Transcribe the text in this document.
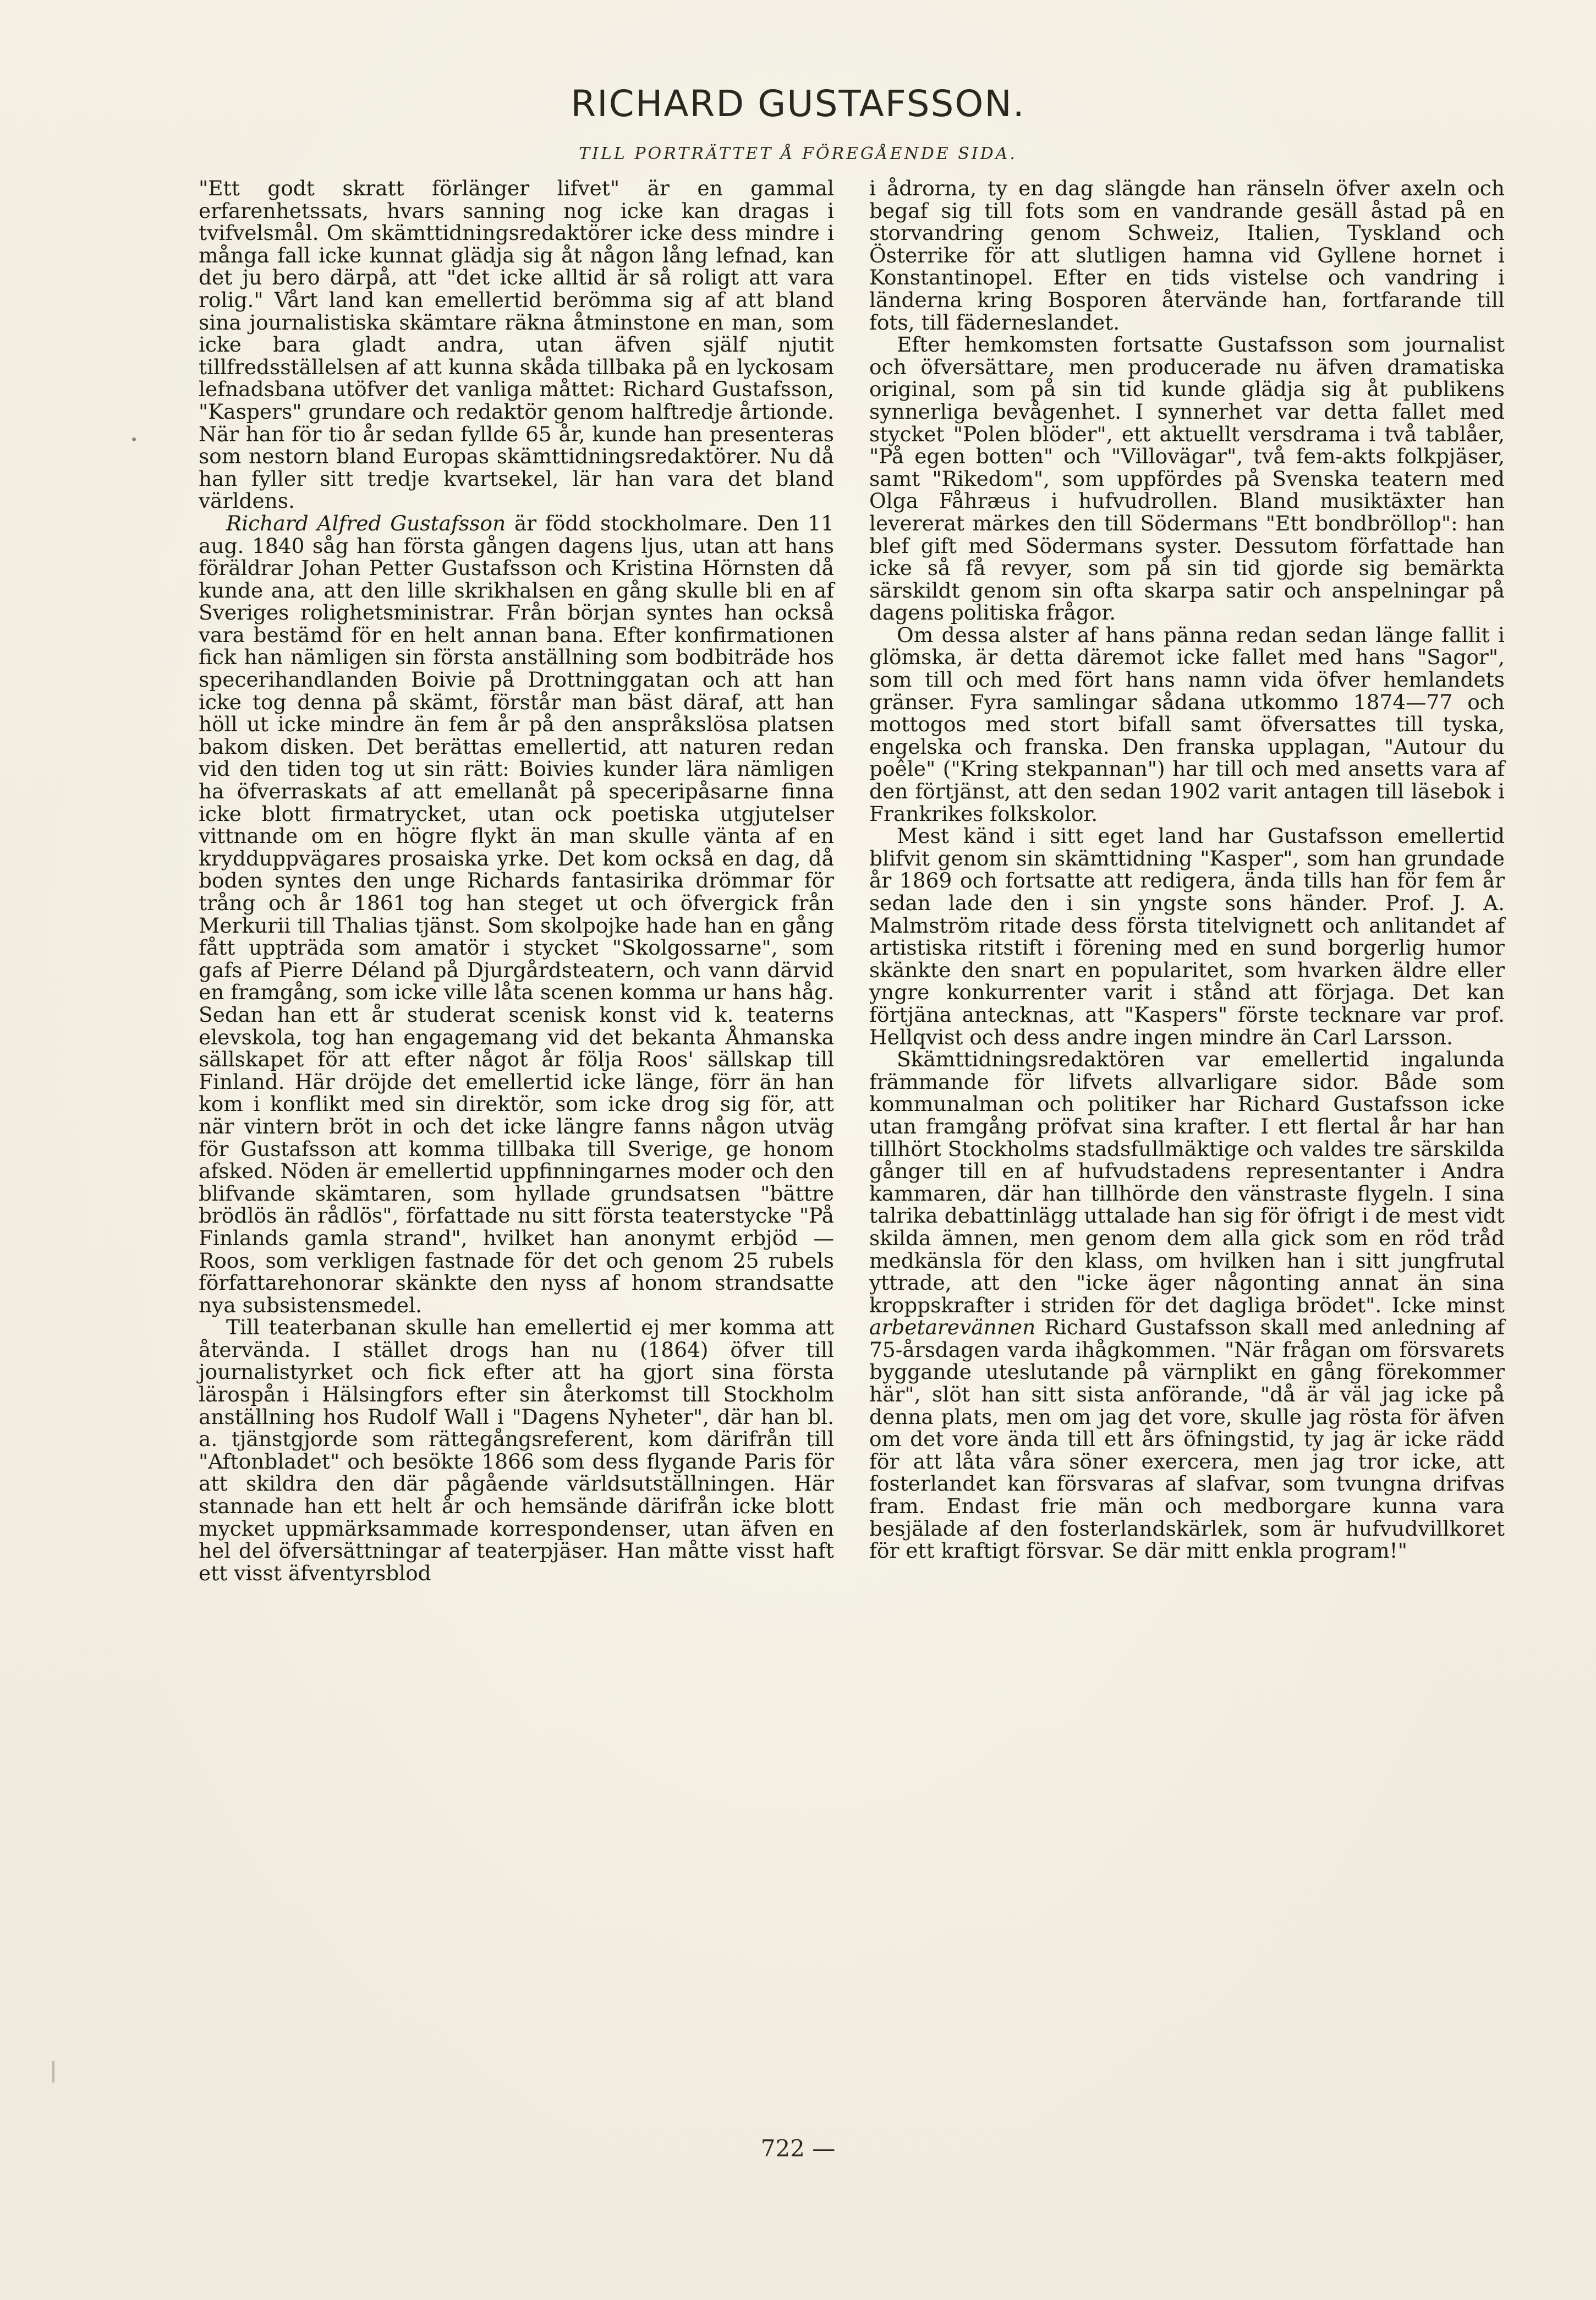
RICHARD GUSTAFSSON.
TILL PORTRÄTTET Å FÖREGÅENDE SIDA.

"Ett godt skratt förlänger lifvet" är en gammal erfarenhetssats, hvars sanning nog icke kan dragas i tvifvelsmål. Om skämttidningsredaktörer icke dess mindre i många fall icke kunnat glädja sig åt någon lång lefnad, kan det ju bero därpå, att "det icke alltid är så roligt att vara rolig." Vårt land kan emellertid berömma sig af att bland sina journalistiska skämtare räkna åtminstone en man, som icke bara gladt andra, utan äfven själf njutit tillfredsställelsen af att kunna skåda tillbaka på en lyckosam lefnadsbana utöfver det vanliga måttet: Richard Gustafsson, "Kaspers" grundare och redaktör genom halftredje årtionde. När han för tio år sedan fyllde 65 år, kunde han presenteras som nestorn bland Europas skämttidningsredaktörer. Nu då han fyller sitt tredje kvartsekel, lär han vara det bland världens.

Richard Alfred Gustafsson är född stockholmare. Den 11 aug. 1840 såg han första gången dagens ljus, utan att hans föräldrar Johan Petter Gustafsson och Kristina Hörnsten då kunde ana, att den lille skrikhalsen en gång skulle bli en af Sveriges rolighetsministrar. Från början syntes han också vara bestämd för en helt annan bana. Efter konfirmationen fick han nämligen sin första anställning som bodbiträde hos specerihandlanden Boivie på Drottninggatan och att han icke tog denna på skämt, förstår man bäst däraf, att han höll ut icke mindre än fem år på den anspråkslösa platsen bakom disken. Det berättas emellertid, att naturen redan vid den tiden tog ut sin rätt: Boivies kunder lära nämligen ha öfverraskats af att emellanåt på speceripåsarne finna icke blott firmatrycket, utan ock poetiska utgjutelser vittnande om en högre flykt än man skulle vänta af en krydduppvägares prosaiska yrke. Det kom också en dag, då boden syntes den unge Richards fantasirika drömmar för trång och år 1861 tog han steget ut och öfvergick från Merkurii till Thalias tjänst. Som skolpojke hade han en gång fått uppträda som amatör i stycket "Skolgossarne", som gafs af Pierre Déland på Djurgårdsteatern, och vann därvid en framgång, som icke ville låta scenen komma ur hans håg. Sedan han ett år studerat scenisk konst vid k. teaterns elevskola, tog han engagemang vid det bekanta Åhmanska sällskapet för att efter något år följa Roos' sällskap till Finland. Här dröjde det emellertid icke länge, förr än han kom i konflikt med sin direktör, som icke drog sig för, att när vintern bröt in och det icke längre fanns någon utväg för Gustafsson att komma tillbaka till Sverige, ge honom afsked. Nöden är emellertid uppfinningarnes moder och den blifvande skämtaren, som hyllade grundsatsen "bättre brödlös än rådlös", författade nu sitt första teaterstycke "På Finlands gamla strand", hvilket han anonymt erbjöd — Roos, som verkligen fastnade för det och genom 25 rubels författarehonorar skänkte den nyss af honom strandsatte nya subsistensmedel.

Till teaterbanan skulle han emellertid ej mer komma att återvända. I stället drogs han nu (1864) öfver till journalistyrket och fick efter att ha gjort sina första lärospån i Hälsingfors efter sin återkomst till Stockholm anställning hos Rudolf Wall i "Dagens Nyheter", där han bl. a. tjänstgjorde som rättegångsreferent, kom därifrån till "Aftonbladet" och besökte 1866 som dess flygande Paris för att skildra den där pågående världsutställningen. Här stannade han ett helt år och hemsände därifrån icke blott mycket uppmärksammade korrespondenser, utan äfven en hel del öfversättningar af teaterpjäser. Han måtte visst haft ett visst äfventyrsblod

i ådrorna, ty en dag slängde han ränseln öfver axeln och begaf sig till fots som en vandrande gesäll åstad på en storvandring genom Schweiz, Italien, Tyskland och Österrike för att slutligen hamna vid Gyllene hornet i Konstantinopel. Efter en tids vistelse och vandring i länderna kring Bosporen återvände han, fortfarande till fots, till fäderneslandet.

Efter hemkomsten fortsatte Gustafsson som journalist och öfversättare, men producerade nu äfven dramatiska original, som på sin tid kunde glädja sig åt publikens synnerliga bevågenhet. I synnerhet var detta fallet med stycket "Polen blöder", ett aktuellt versdrama i två tablåer, "På egen botten" och "Villovägar", två fem-akts folkpjäser, samt "Rikedom", som uppfördes på Svenska teatern med Olga Fåhræus i hufvudrollen. Bland musiktäxter han levererat märkes den till Södermans "Ett bondbröllop": han blef gift med Södermans syster. Dessutom författade han icke så få revyer, som på sin tid gjorde sig bemärkta särskildt genom sin ofta skarpa satir och anspelningar på dagens politiska frågor.

Om dessa alster af hans pänna redan sedan länge fallit i glömska, är detta däremot icke fallet med hans "Sagor", som till och med fört hans namn vida öfver hemlandets gränser. Fyra samlingar sådana utkommo 1874—77 och mottogos med stort bifall samt öfversattes till tyska, engelska och franska. Den franska upplagan, "Autour du poêle" ("Kring stekpannan") har till och med ansetts vara af den förtjänst, att den sedan 1902 varit antagen till läsebok i Frankrikes folkskolor.

Mest känd i sitt eget land har Gustafsson emellertid blifvit genom sin skämttidning "Kasper", som han grundade år 1869 och fortsatte att redigera, ända tills han för fem år sedan lade den i sin yngste sons händer. Prof. J. A. Malmström ritade dess första titelvignett och anlitandet af artistiska ritstift i förening med en sund borgerlig humor skänkte den snart en popularitet, som hvarken äldre eller yngre konkurrenter varit i stånd att förjaga. Det kan förtjäna antecknas, att "Kaspers" förste tecknare var prof. Hellqvist och dess andre ingen mindre än Carl Larsson.

Skämttidningsredaktören var emellertid ingalunda främmande för lifvets allvarligare sidor. Både som kommunalman och politiker har Richard Gustafsson icke utan framgång pröfvat sina krafter. I ett flertal år har han tillhört Stockholms stadsfullmäktige och valdes tre särskilda gånger till en af hufvudstadens representanter i Andra kammaren, där han tillhörde den vänstraste flygeln. I sina talrika debattinlägg uttalade han sig för öfrigt i de mest vidt skilda ämnen, men genom dem alla gick som en röd tråd medkänsla för den klass, om hvilken han i sitt jungfrutal yttrade, att den "icke äger någonting annat än sina kroppskrafter i striden för det dagliga brödet". Icke minst arbetarevännen Richard Gustafsson skall med anledning af 75-årsdagen varda ihågkommen. "När frågan om försvarets byggande uteslutande på värnplikt en gång förekommer här", slöt han sitt sista anförande, "då är väl jag icke på denna plats, men om jag det vore, skulle jag rösta för äfven om det vore ända till ett års öfningstid, ty jag är icke rädd för att låta våra söner exercera, men jag tror icke, att fosterlandet kan försvaras af slafvar, som tvungna drifvas fram. Endast frie män och medborgare kunna vara besjälade af den fosterlandskärlek, som är hufvudvillkoret för ett kraftigt försvar. Se där mitt enkla program!"

722 —
